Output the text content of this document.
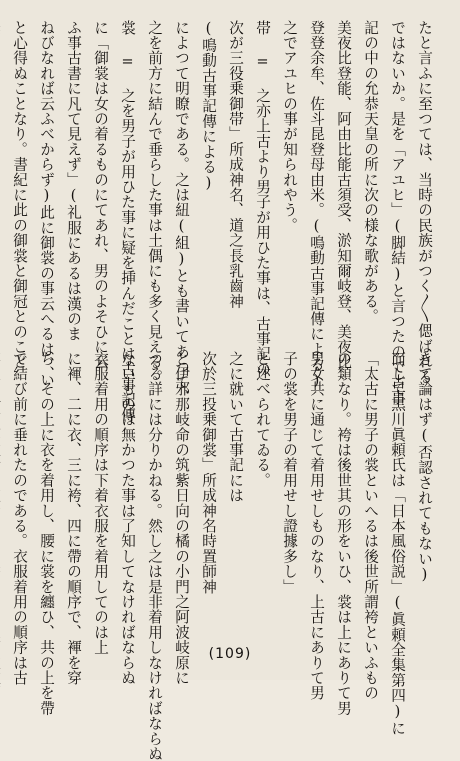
たと言ふに至つては、当時の民族がつく〳〵偲ばれる

ではないか。是を「アユヒ」(脚結)と言つたので古事

記の中の允恭天皇の所に次の様な歌がある。

美夜比登能、阿由比能古須受、淤知爾岐登、美夜比

登登余牟、佐斗昆登母由米。(鳴動古事記傳による)

之でアユヒの事が知られやう。

帯 = 之亦上古より男子が用ひた事は、古事記の

次が三役乗御帯」所成神名、道之長乳齒神

(鳴動古事記傳による)

によつて明瞭である。之は紐(組)とも書いてあつて、

之を前方に結んで垂らした事は土偶にも多く見える。

裳 = 之を男子が用ひた事に疑を挿んだことは古事記傳

に「御裳は女の着るものにてあれ、男のよそひに云

ふ事古書に凡て見えず」(礼服にあるは漢のま

ねびなれば云ふべからず)此に御裳の事云へるは、い

と心得ぬことなり。書紀に此の御裳と御冠とのこと

きて論はず(否認されてもない)

而して黒川眞頼氏は「日本風俗説」(眞頼全集第四)に

「太古に男子の裳といへるは後世所謂袴といふもの

の類なり。袴は後世其の形をいひ、裳は上にありて男

男女共に通じて着用せしものなり、上古にありて男

子の裳を男子の着用せし證據多し」

と述べられてゐる。

之に就いて古事記には

次於三投乗御裳」所成神名時置師神

と伊邪那岐命の筑紫日向の橘の小門之阿波岐原に

つる詳には分りかねる。然し之は是非着用しなければならぬ

ないものは無かつた事は了知してなければならぬ

衣服着用の順序は下着衣服を着用してのは上

に褌、二に衣、三に袴、四に帶の順序で、褌を穿

ち、その上に衣を着用し、腰に裳を纏ひ、共の上を帶

で結び前に垂れたのである。衣服着用の順序は古	(109)
